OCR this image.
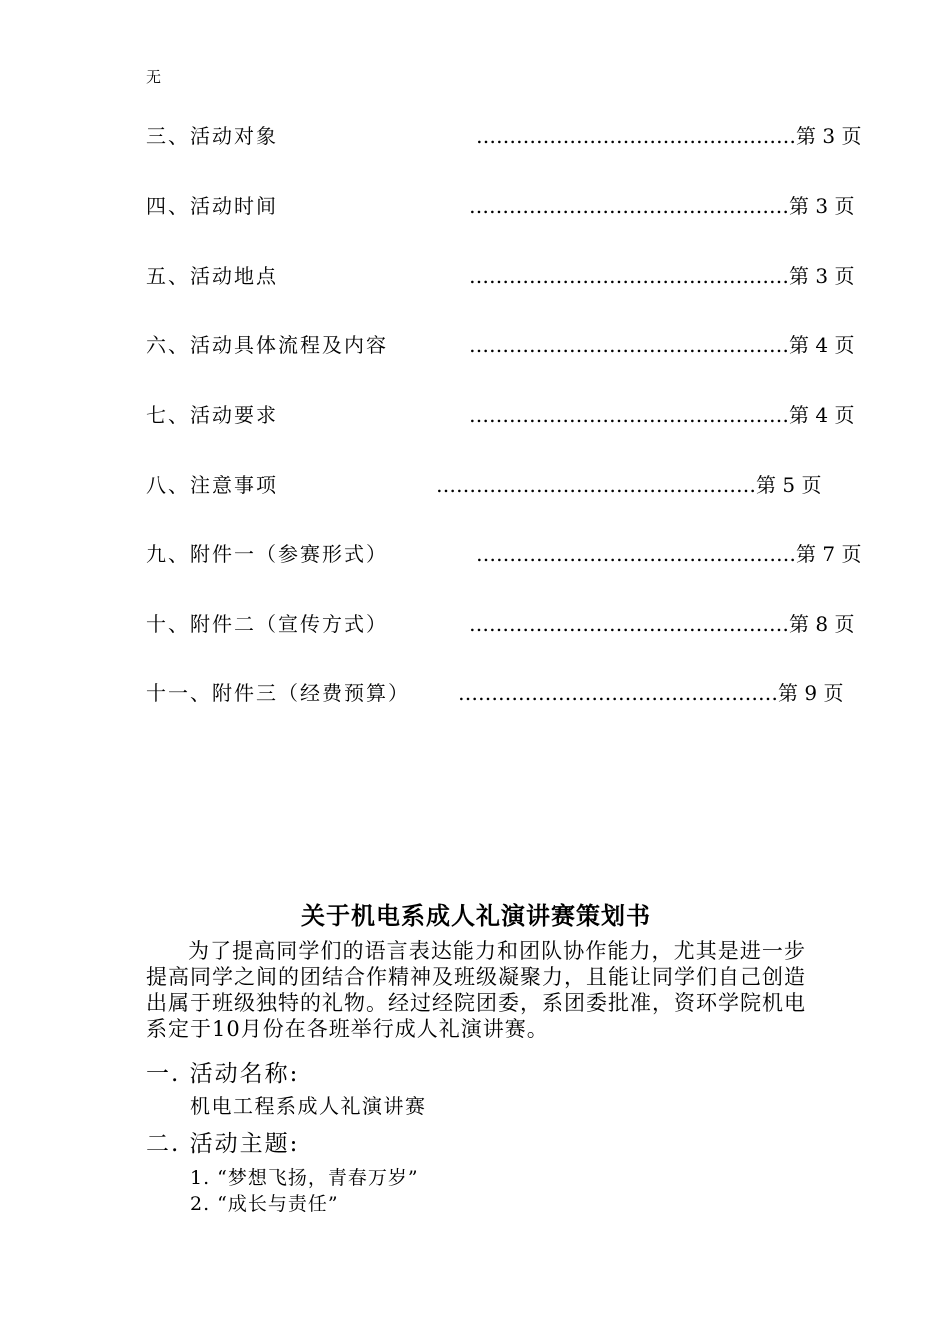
无
三、活动对象	…………………………………………第 3 页
四、活动时间	…………………………………………第 3 页
五、活动地点	…………………………………………第 3 页
六、活动具体流程及内容	…………………………………………第 4 页
七、活动要求	…………………………………………第 4 页
八、注意事项	…………………………………………第 5 页
九、附件一（参赛形式）	…………………………………………第 7 页
十、附件二（宣传方式）	…………………………………………第 8 页
十一、附件三（经费预算） …………………………………………第 9 页
关于机电系成人礼演讲赛策划书
为了提高同学们的语言表达能力和团队协作能力，尤其是进一步提高同学之间的团结合作精神及班级凝聚力，且能让同学们自己创造出属于班级独特的礼物。经过经院团委，系团委批准，资环学院机电系定于10月份在各班举行成人礼演讲赛。
一. 活动名称:
机电工程系成人礼演讲赛
二. 活动主题:
1. “梦想飞扬，青春万岁”
2. “成长与责任”
